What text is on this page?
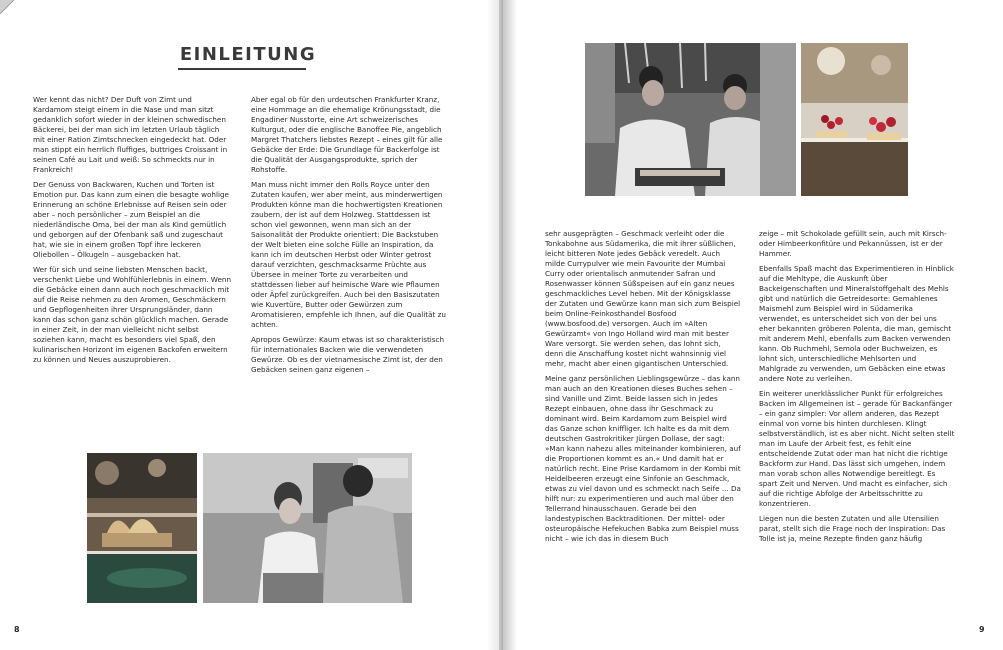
EINLEITUNG

Wer kennt das nicht? Der Duft von Zimt und Kardamom steigt einem in die Nase und man sitzt gedanklich sofort wieder in der kleinen schwedischen Bäckerei, bei der man sich im letzten Urlaub täglich mit einer Ration Zimtschnecken eingedeckt hat. Oder man stippt ein herrlich fluffiges, buttriges Croissant in seinen Café au Lait und weiß: So schmeckts nur in Frankreich!

Der Genuss von Backwaren, Kuchen und Torten ist Emotion pur. Das kann zum einen die besagte wohlige Erinnerung an schöne Erlebnisse auf Reisen sein oder aber – noch persönlicher – zum Beispiel an die niederländische Oma, bei der man als Kind gemütlich und geborgen auf der Ofenbank saß und zugeschaut hat, wie sie in einem großen Topf ihre leckeren Oliebollen – Ölkugeln – ausgebacken hat.

Wer für sich und seine liebsten Menschen backt, verschenkt Liebe und Wohlfühlerlebnis in einem. Wenn die Gebäcke einen dann auch noch geschmacklich mit auf die Reise nehmen zu den Aromen, Geschmäckern und Gepflogenheiten ihrer Ursprungsländer, dann kann das schon ganz schön glücklich machen. Gerade in einer Zeit, in der man vielleicht nicht selbst soziehen kann, macht es besonders viel Spaß, den kulinarischen Horizont im eigenen Backofen erweitern zu können und Neues auszuprobieren.

Aber egal ob für den urdeutschen Frankfurter Kranz, eine Hommage an die ehemalige Krönungsstadt, die Engadiner Nusstorte, eine Art schweizerisches Kulturgut, oder die englische Banoffee Pie, angeblich Margret Thatchers liebstes Rezept – eines gilt für alle Gebäcke der Erde: Die Grundlage für Backerfolge ist die Qualität der Ausgangsprodukte, sprich der Rohstoffe.

Man muss nicht immer den Rolls Royce unter den Zutaten kaufen, wer aber meint, aus minderwertigen Produkten könne man die hochwertigsten Kreationen zaubern, der ist auf dem Holzweg. Stattdessen ist schon viel gewonnen, wenn man sich an der Saisonalität der Produkte orientiert: Die Backstuben der Welt bieten eine solche Fülle an Inspiration, da kann ich im deutschen Herbst oder Winter getrost darauf verzichten, geschmacksarme Früchte aus Übersee in meiner Torte zu verarbeiten und stattdessen lieber auf heimische Ware wie Pflaumen oder Äpfel zurückgreifen. Auch bei den Basiszutaten wie Kuvertüre, Butter oder Gewürzen zum Aromatisieren, empfehle ich Ihnen, auf die Qualität zu achten.

Apropos Gewürze: Kaum etwas ist so charakteristisch für internationales Backen wie die verwendeten Gewürze. Ob es der vietnamesische Zimt ist, der den Gebäcken seinen ganz eigenen –

8

sehr ausgeprägten – Geschmack verleiht oder die Tonkabohne aus Südamerika, die mit ihrer süßlichen, leicht bitteren Note jedes Gebäck veredelt. Auch milde Currypulver wie mein Favourite der Mumbai Curry oder orientalisch anmutender Safran und Rosenwasser können Süßspeisen auf ein ganz neues geschmackliches Level heben. Mit der Königsklasse der Zutaten und Gewürze kann man sich zum Beispiel beim Online-Feinkosthandel Bosfood (www.bosfood.de) versorgen. Auch im »Alten Gewürzamt« von Ingo Holland wird man mit bester Ware versorgt. Sie werden sehen, das lohnt sich, denn die Anschaffung kostet nicht wahnsinnig viel mehr, macht aber einen gigantischen Unterschied.

Meine ganz persönlichen Lieblingsgewürze – das kann man auch an den Kreationen dieses Buches sehen – sind Vanille und Zimt. Beide lassen sich in jedes Rezept einbauen, ohne dass ihr Geschmack zu dominant wird. Beim Kardamom zum Beispiel wird das Ganze schon kniffliger. Ich halte es da mit dem deutschen Gastrokritiker Jürgen Dollase, der sagt: »Man kann nahezu alles miteinander kombinieren, auf die Proportionen kommt es an.« Und damit hat er natürlich recht. Eine Prise Kardamom in der Kombi mit Heidelbeeren erzeugt eine Sinfonie an Geschmack, etwas zu viel davon und es schmeckt nach Seife ... Da hilft nur: zu experimentieren und auch mal über den Tellerrand hinausschauen. Gerade bei den landestypischen Backtraditionen. Der mittel- oder osteuropäische Hefekuchen Babka zum Beispiel muss nicht – wie ich das in diesem Buch

zeige – mit Schokolade gefüllt sein, auch mit Kirsch- oder Himbeerkonfitüre und Pekannüssen, ist er der Hammer.

Ebenfalls Spaß macht das Experimentieren in Hinblick auf die Mehltype, die Auskunft über Backeigenschaften und Mineralstoffgehalt des Mehls gibt und natürlich die Getreidesorte: Gemahlenes Maismehl zum Beispiel wird in Südamerika verwendet, es unterscheidet sich von der bei uns eher bekannten gröberen Polenta, die man, gemischt mit anderem Mehl, ebenfalls zum Backen verwenden kann. Ob Ruchmehl, Semola oder Buchweizen, es lohnt sich, unterschiedliche Mehlsorten und Mahlgrade zu verwenden, um Gebäcken eine etwas andere Note zu verleihen.

Ein weiterer unerklässlicher Punkt für erfolgreiches Backen im Allgemeinen ist – gerade für Backanfänger – ein ganz simpler: Vor allem anderen, das Rezept einmal von vorne bis hinten durchlesen. Klingt selbstverständlich, ist es aber nicht. Nicht selten stellt man im Laufe der Arbeit fest, es fehlt eine entscheidende Zutat oder man hat nicht die richtige Backform zur Hand. Das lässt sich umgehen, indem man vorab schon alles Notwendige bereitlegt. Es spart Zeit und Nerven. Und macht es einfacher, sich auf die richtige Abfolge der Arbeitsschritte zu konzentrieren.

Liegen nun die besten Zutaten und alle Utensilien parat, stellt sich die Frage noch der Inspiration: Das Tolle ist ja, meine Rezepte finden ganz häufig

9
